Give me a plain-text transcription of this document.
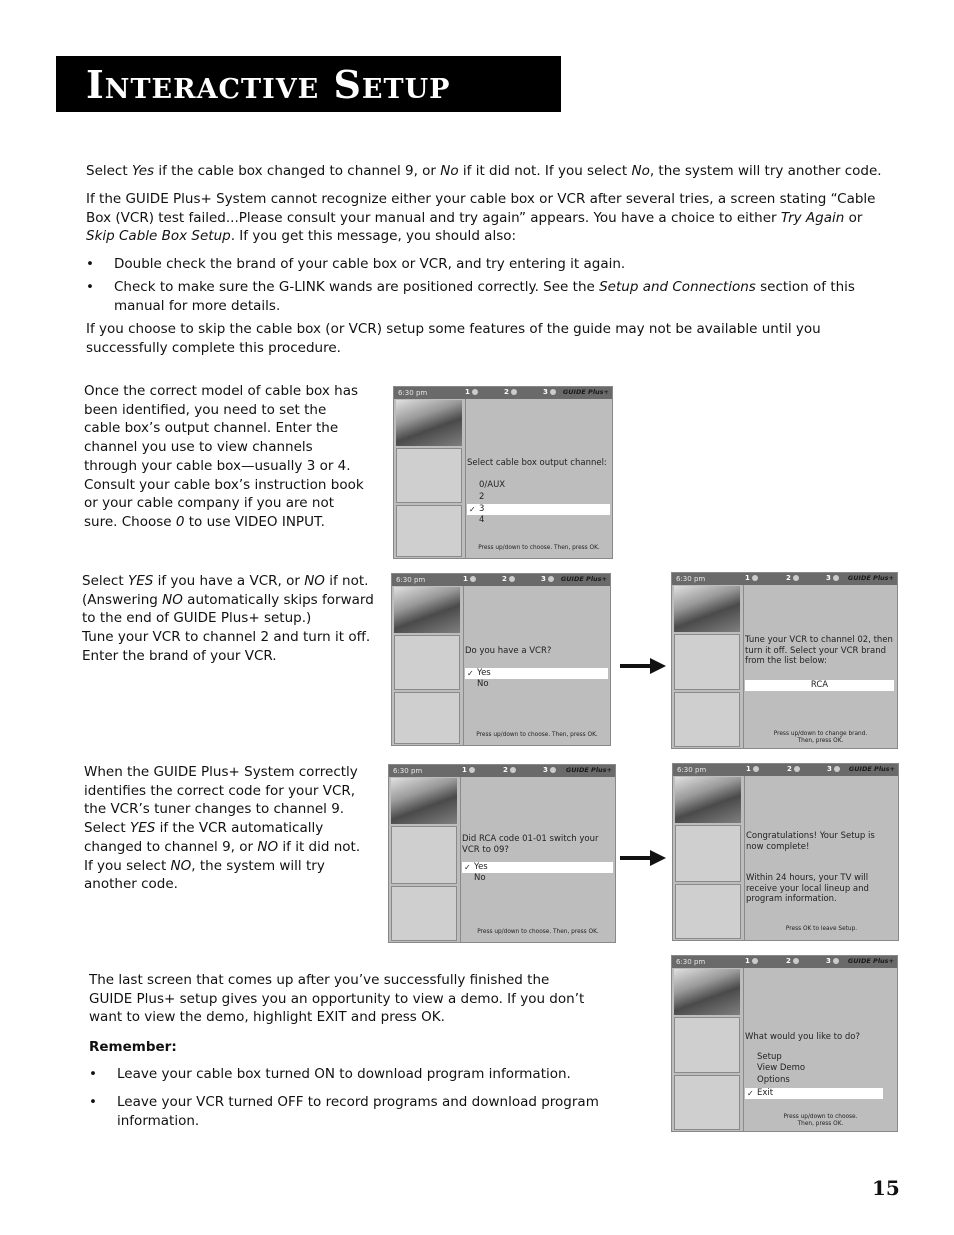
Interactive Setup
Select Yes if the cable box changed to channel 9, or No if it did not. If you select No, the system will try another code.
If the GUIDE Plus+ System cannot recognize either your cable box or VCR after several tries, a screen stating “Cable Box (VCR) test failed...Please consult your manual and try again” appears. You have a choice to either Try Again or Skip Cable Box Setup. If you get this message, you should also:
•	Double check the brand of your cable box or VCR, and try entering it again.
•	Check to make sure the G-LINK wands are positioned correctly. See the Setup and Connections section of this manual for more details.
If you choose to skip the cable box (or VCR) setup some features of the guide may not be available until you successfully complete this procedure.
Once the correct model of cable box has been identified, you need to set the cable box’s output channel. Enter the channel you use to view channels through your cable box—usually 3 or 4. Consult your cable box’s instruction book or your cable company if you are not sure. Choose 0 to use VIDEO INPUT.
6:30 pm	1	2	3	GUIDE Plus+
Select cable box output channel:
0/AUX
2
✓ 3
4
Press up/down to choose. Then, press OK.
Select YES if you have a VCR, or NO if not.
(Answering NO automatically skips forward to the end of GUIDE Plus+ setup.)
Tune your VCR to channel 2 and turn it off. Enter the brand of your VCR.
6:30 pm	1	2	3	GUIDE Plus+
Do you have a VCR?
✓ Yes
No
Press up/down to choose. Then, press OK.
6:30 pm	1	2	3	GUIDE Plus+
Tune your VCR to channel 02, then turn it off. Select your VCR brand from the list below:
RCA
Press up/down to change brand.
Then, press OK.
When the GUIDE Plus+ System correctly identifies the correct code for your VCR, the VCR’s tuner changes to channel 9.
Select YES if the VCR automatically changed to channel 9, or NO if it did not.
If you select NO, the system will try another code.
6:30 pm	1	2	3	GUIDE Plus+
Did RCA code 01-01 switch your VCR to 09?
✓ Yes
No
Press up/down to choose. Then, press OK.
6:30 pm	1	2	3	GUIDE Plus+
Congratulations! Your Setup is now complete!
Within 24 hours, your TV will receive your local lineup and program information.
Press OK to leave Setup.
The last screen that comes up after you’ve successfully finished the GUIDE Plus+ setup gives you an opportunity to view a demo. If you don’t want to view the demo, highlight EXIT and press OK.
Remember:
•	Leave your cable box turned ON to download program information.
•	Leave your VCR turned OFF to record programs and download program information.
6:30 pm	1	2	3	GUIDE Plus+
What would you like to do?
Setup
View Demo
Options
✓ Exit
Press up/down to choose.
Then, press OK.
15
